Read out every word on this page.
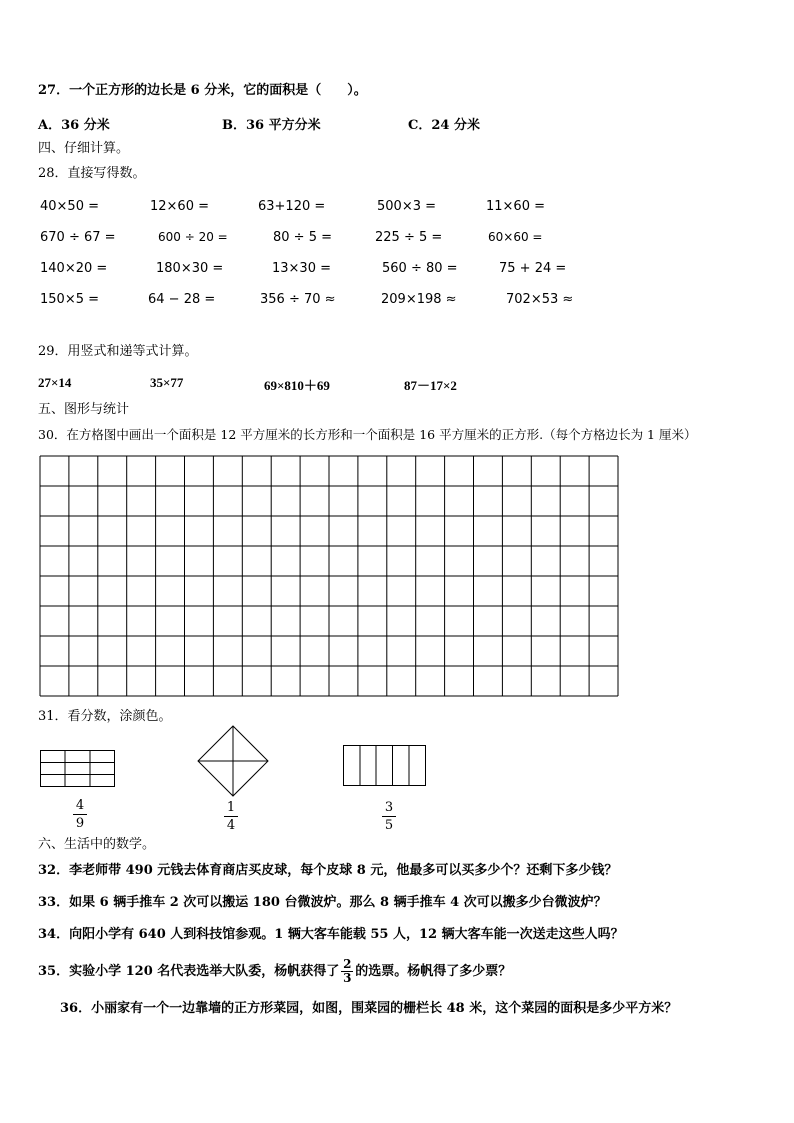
27．一个正方形的边长是 6 分米，它的面积是（　　）。
A．36 分米	B．36 平方分米	C．24 分米
四、仔细计算。
28．直接写得数。
40×50 =	12×60 =	63+120 =	500×3 =	11×60 =
670 ÷ 67 =	600 ÷ 20 =	80 ÷ 5 =	225 ÷ 5 =	60×60 =
140×20 =	180×30 =	13×30 =	560 ÷ 80 =	75 + 24 =
150×5 =	64 − 28 =	356 ÷ 70 ≈	209×198 ≈	702×53 ≈
29．用竖式和递等式计算。
27×14	35×77	69×810＋69	87－17×2
五、图形与统计
30．在方格图中画出一个面积是 12 平方厘米的长方形和一个面积是 16 平方厘米的正方形.（每个方格边长为 1 厘米）
31．看分数，涂颜色。
4
9
1
4
3
5
六、生活中的数学。
32．李老师带 490 元钱去体育商店买皮球，每个皮球 8 元，他最多可以买多少个？还剩下多少钱？
33．如果 6 辆手推车 2 次可以搬运 180 台微波炉。那么 8 辆手推车 4 次可以搬多少台微波炉？
34．向阳小学有 640 人到科技馆参观。1 辆大客车能载 55 人，12 辆大客车能一次送走这些人吗？
35．实验小学 120 名代表选举大队委，杨帆获得了 $\frac{2}{3}$ 的选票。杨帆得了多少票？
36．小丽家有一个一边靠墙的正方形菜园，如图，围菜园的栅栏长 48 米，这个菜园的面积是多少平方米？
